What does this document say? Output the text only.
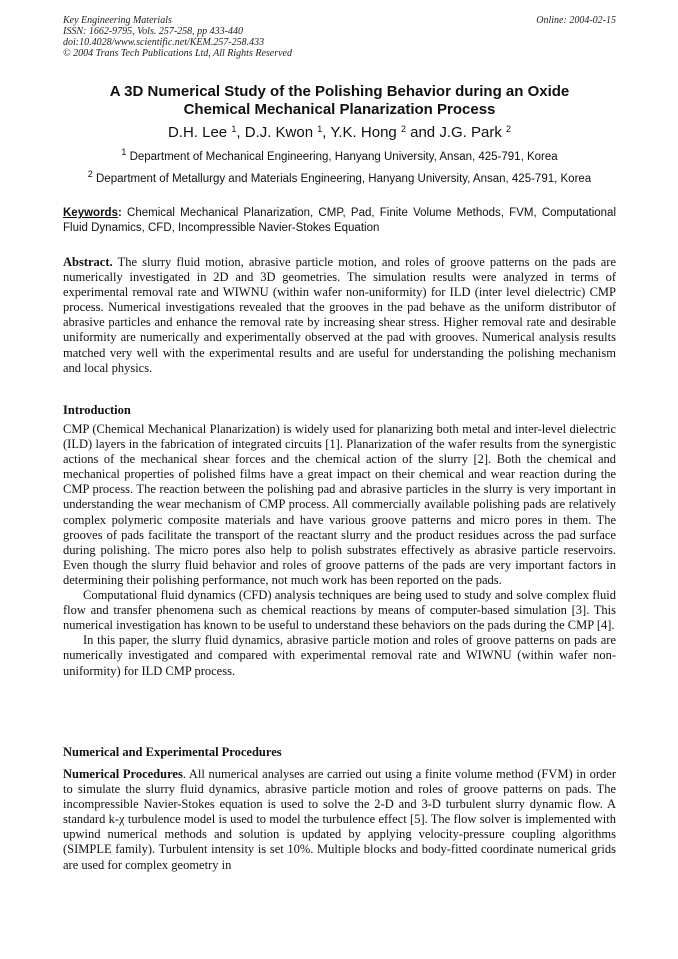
Key Engineering Materials
ISSN: 1662-9795, Vols. 257-258, pp 433-440
doi:10.4028/www.scientific.net/KEM.257-258.433
© 2004 Trans Tech Publications Ltd, All Rights Reserved
Online: 2004-02-15
A 3D Numerical Study of the Polishing Behavior during an Oxide
Chemical Mechanical Planarization Process
D.H. Lee $^1$, D.J. Kwon $^1$, Y.K. Hong $^2$ and J.G. Park $^2$
$^1$ Department of Mechanical Engineering, Hanyang University, Ansan, 425-791, Korea
$^2$ Department of Metallurgy and Materials Engineering, Hanyang University, Ansan, 425-791, Korea
Keywords: Chemical Mechanical Planarization, CMP, Pad, Finite Volume Methods, FVM, Computational Fluid Dynamics, CFD, Incompressible Navier-Stokes Equation

Abstract. The slurry fluid motion, abrasive particle motion, and roles of groove patterns on the pads are numerically investigated in 2D and 3D geometries. The simulation results were analyzed in terms of experimental removal rate and WIWNU (within wafer non-uniformity) for ILD (inter level dielectric) CMP process. Numerical investigations revealed that the grooves in the pad behave as the uniform distributor of abrasive particles and enhance the removal rate by increasing shear stress. Higher removal rate and desirable uniformity are numerically and experimentally observed at the pad with grooves. Numerical analysis results matched very well with the experimental results and are useful for understanding the polishing mechanism and local physics.

Introduction

CMP (Chemical Mechanical Planarization) is widely used for planarizing both metal and inter-level dielectric (ILD) layers in the fabrication of integrated circuits [1]. Planarization of the wafer results from the synergistic actions of the mechanical shear forces and the chemical action of the slurry [2]. Both the chemical and mechanical properties of polished films have a great impact on their chemical and wear reaction during the CMP process. The reaction between the polishing pad and abrasive particles in the slurry is very important in understanding the wear mechanism of CMP process. All commercially available polishing pads are relatively complex polymeric composite materials and have various groove patterns and micro pores in them. The grooves of pads facilitate the transport of the reactant slurry and the product residues across the pad surface during polishing. The micro pores also help to polish substrates effectively as abrasive particle reservoirs. Even though the slurry fluid behavior and roles of groove patterns of the pads are very important factors in determining their polishing performance, not much work has been reported on the pads.

Computational fluid dynamics (CFD) analysis techniques are being used to study and solve complex fluid flow and transfer phenomena such as chemical reactions by means of computer-based simulation [3]. This numerical investigation has known to be useful to understand these behaviors on the pads during the CMP [4].

In this paper, the slurry fluid dynamics, abrasive particle motion and roles of groove patterns on pads are numerically investigated and compared with experimental removal rate and WIWNU (within wafer non-uniformity) for ILD CMP process.

Numerical and Experimental Procedures

Numerical Procedures. All numerical analyses are carried out using a finite volume method (FVM) in order to simulate the slurry fluid dynamics, abrasive particle motion and roles of groove patterns on pads. The incompressible Navier-Stokes equation is used to solve the 2-D and 3-D turbulent slurry dynamic flow. A standard k-χ turbulence model is used to model the turbulence effect [5]. The flow solver is implemented with upwind numerical methods and solution is updated by applying velocity-pressure coupling algorithms (SIMPLE family). Turbulent intensity is set 10%. Multiple blocks and body-fitted coordinate numerical grids are used for complex geometry in
